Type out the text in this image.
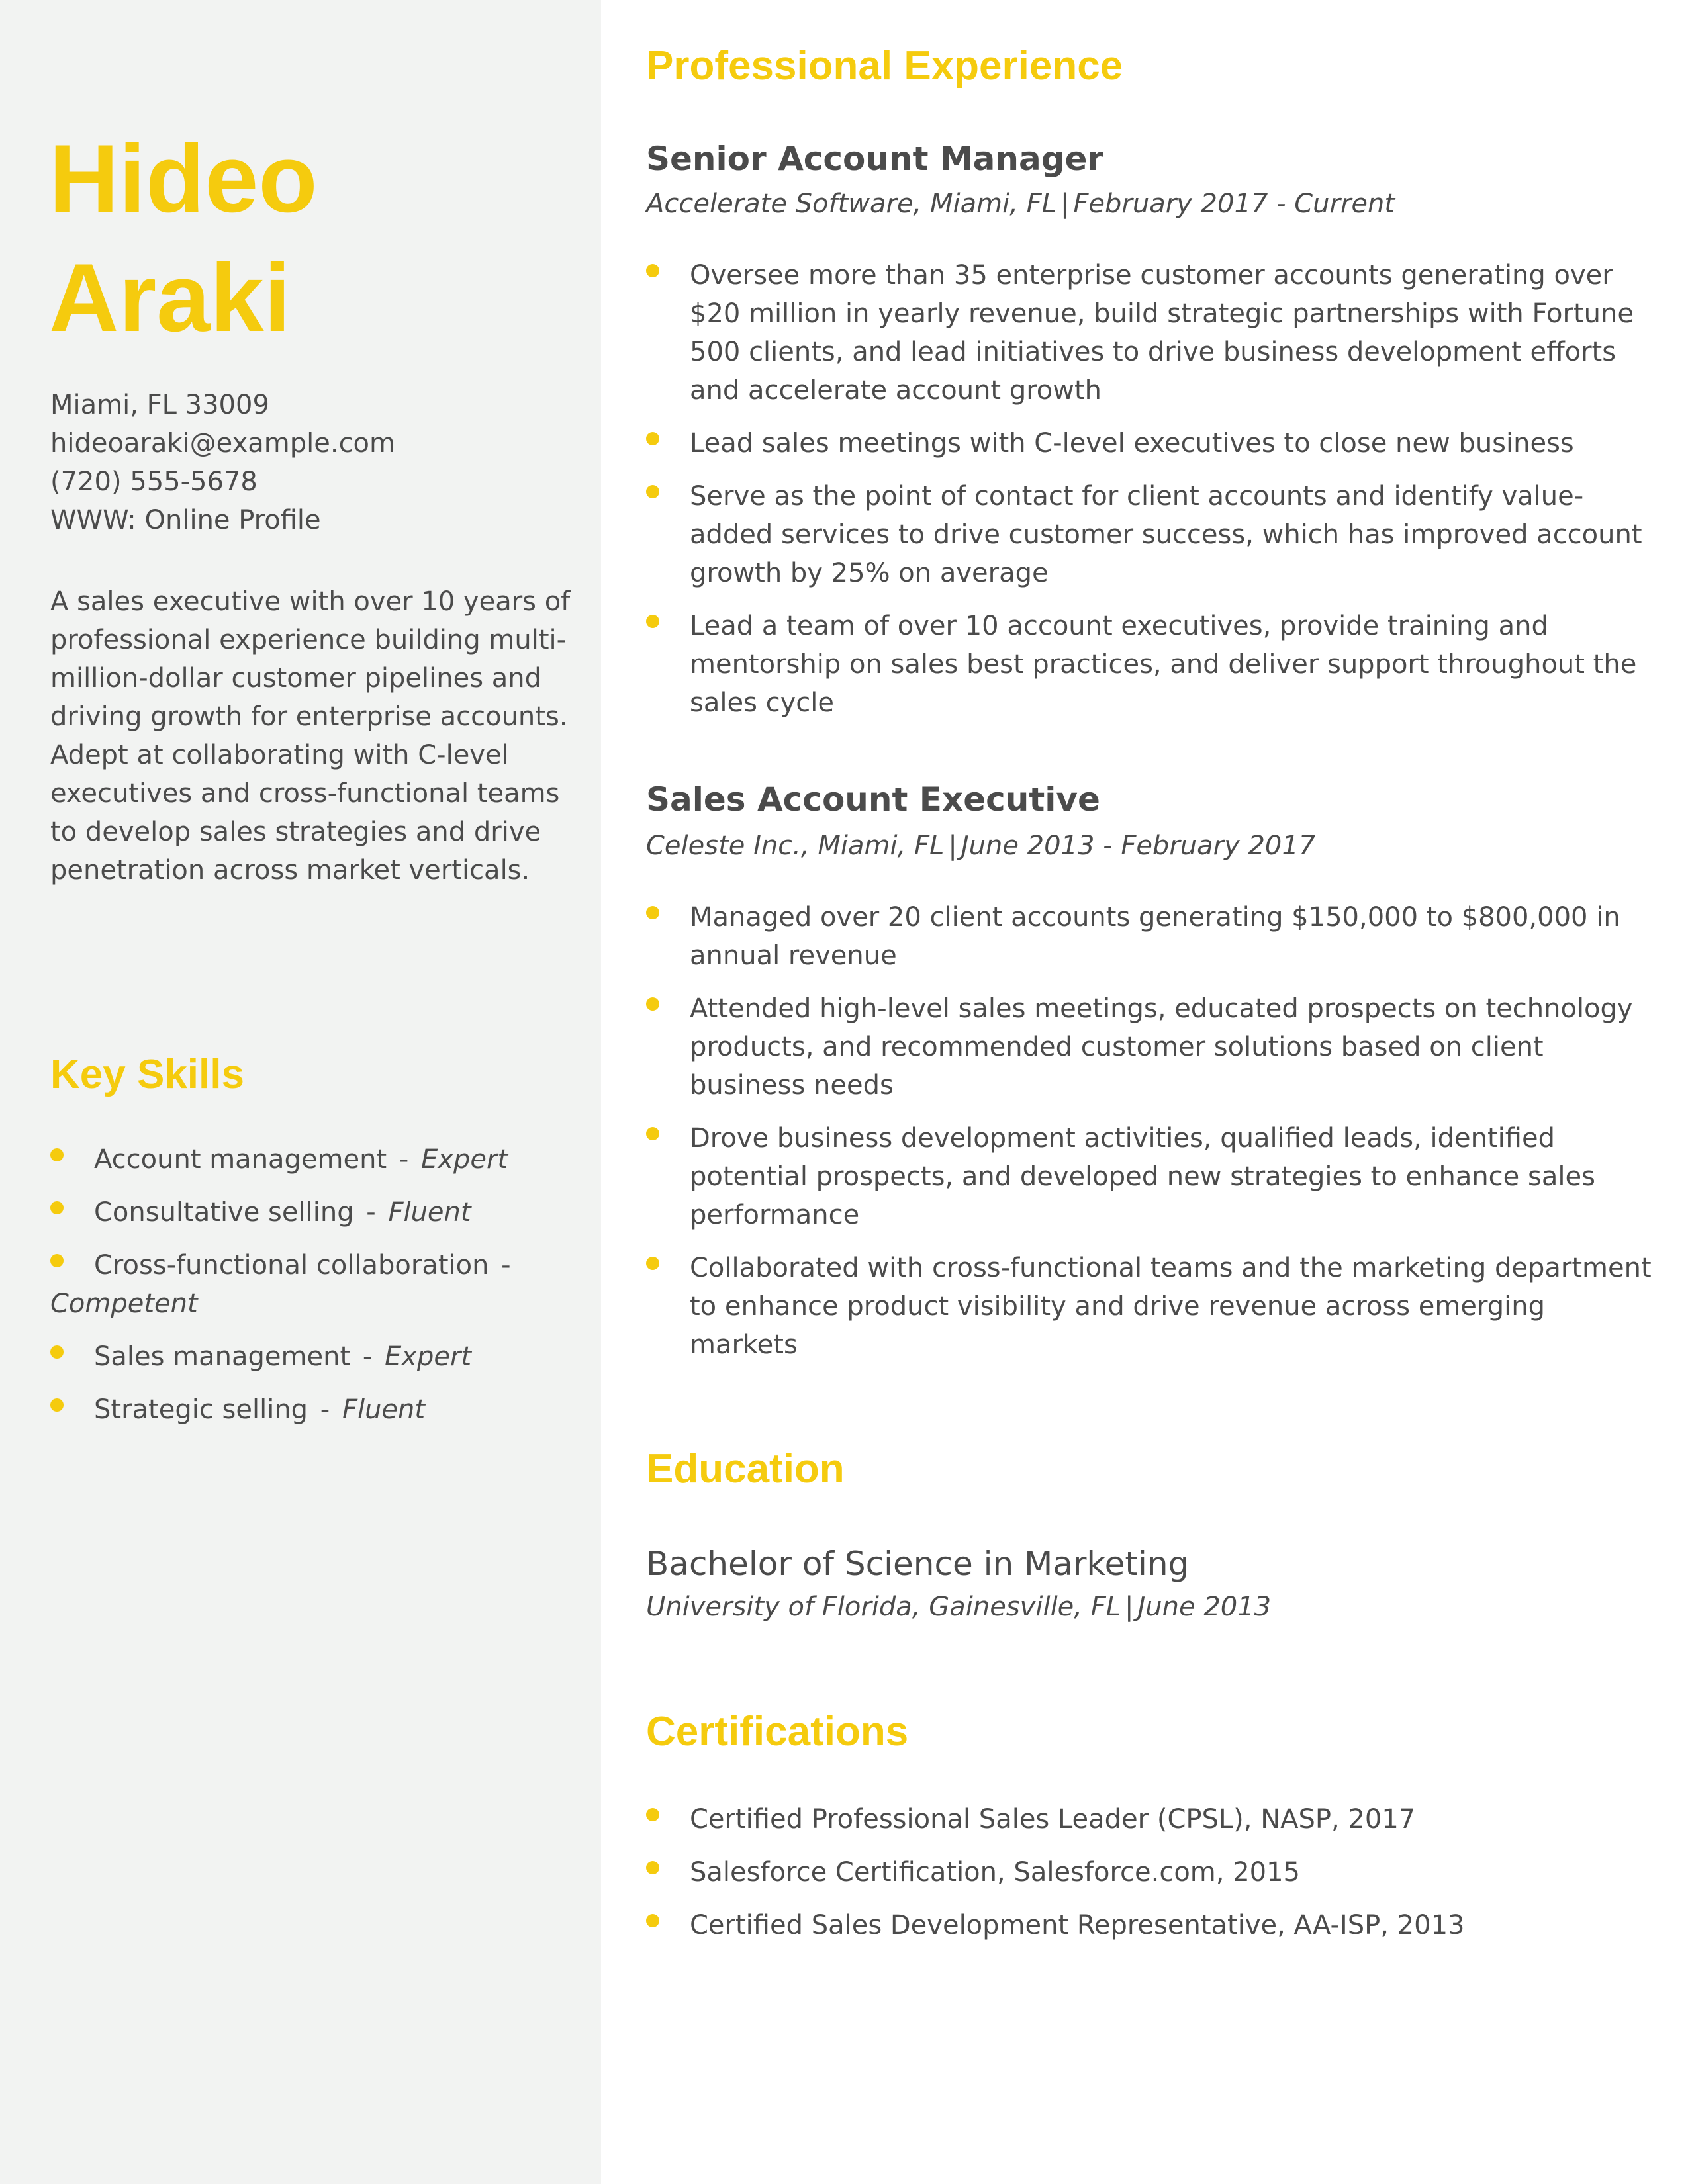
Hideo
Araki
Miami, FL 33009
hideoaraki@example.com
(720) 555-5678
WWW: Online Profile

A sales executive with over 10 years of professional experience building multi-million-dollar customer pipelines and driving growth for enterprise accounts. Adept at collaborating with C-level executives and cross-functional teams to develop sales strategies and drive penetration across market verticals.

Key Skills
Account management - Expert
Consultative selling - Fluent
Cross-functional collaboration -
Competent
Sales management - Expert
Strategic selling - Fluent
Professional Experience
Senior Account Manager
Accelerate Software, Miami, FL | February 2017 - Current
Oversee more than 35 enterprise customer accounts generating over $20 million in yearly revenue, build strategic partnerships with Fortune 500 clients, and lead initiatives to drive business development efforts and accelerate account growth
Lead sales meetings with C-level executives to close new business
Serve as the point of contact for client accounts and identify value-added services to drive customer success, which has improved account growth by 25% on average
Lead a team of over 10 account executives, provide training and mentorship on sales best practices, and deliver support throughout the sales cycle
Sales Account Executive
Celeste Inc., Miami, FL | June 2013 - February 2017
Managed over 20 client accounts generating $150,000 to $800,000 in annual revenue
Attended high-level sales meetings, educated prospects on technology products, and recommended customer solutions based on client business needs
Drove business development activities, qualified leads, identified potential prospects, and developed new strategies to enhance sales performance
Collaborated with cross-functional teams and the marketing department to enhance product visibility and drive revenue across emerging markets
Education
Bachelor of Science in Marketing
University of Florida, Gainesville, FL | June 2013
Certifications
Certified Professional Sales Leader (CPSL), NASP, 2017
Salesforce Certification, Salesforce.com, 2015
Certified Sales Development Representative, AA-ISP, 2013
